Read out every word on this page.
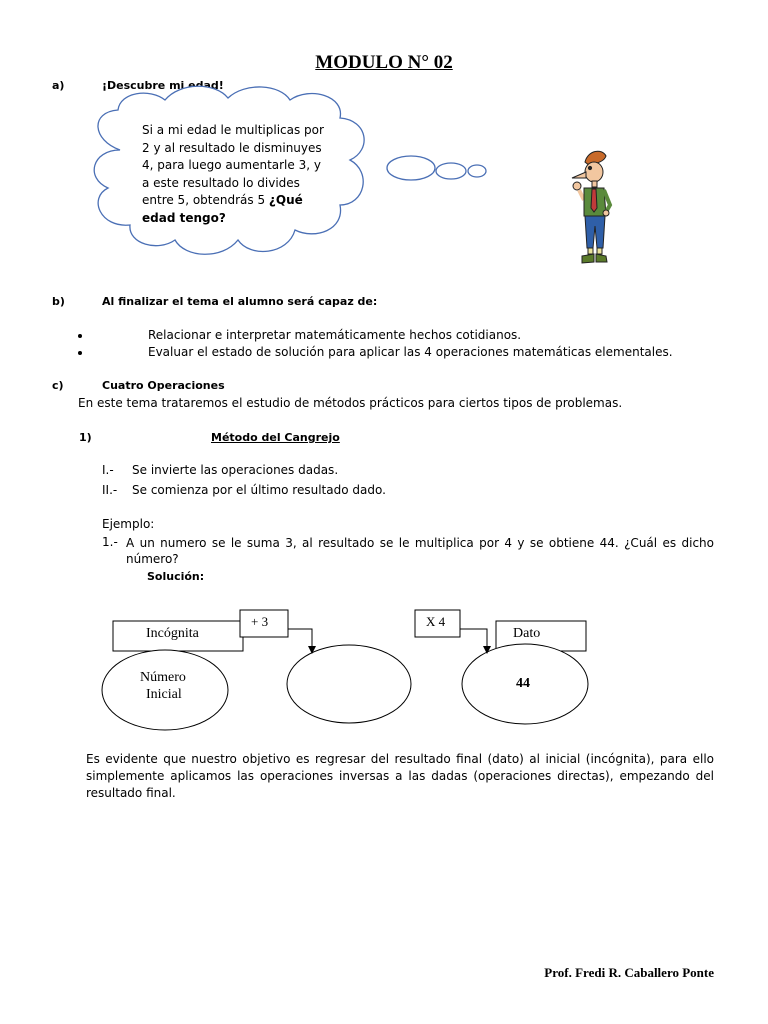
MODULO N° 02
a)	¡Descubre mi edad!
Si a mi edad le multiplicas por
2 y al resultado le disminuyes
4, para luego aumentarle 3, y
a este resultado lo divides
entre 5, obtendrás 5 ¿Qué
edad tengo?
b)	Al finalizar el tema el alumno será capaz de:
Relacionar e interpretar matemáticamente hechos cotidianos.
Evaluar el estado de solución para aplicar las 4 operaciones matemáticas elementales.
c)	Cuatro Operaciones
En este tema trataremos el estudio de métodos prácticos para ciertos tipos de problemas.
1)	Método del Cangrejo
I.- Se invierte las operaciones dadas.
II.- Se comienza por el último resultado dado.
Ejemplo:
1.- A un numero se le suma 3, al resultado se le multiplica por 4 y se obtiene 44. ¿Cuál es dicho
número?
Solución:
Incógnita
+ 3	X 4
Dato
Número
Inicial
44
Es evidente que nuestro objetivo es regresar del resultado final (dato) al inicial (incógnita), para ello
simplemente aplicamos las operaciones inversas a las dadas (operaciones directas), empezando del
resultado final.
Prof. Fredi R. Caballero Ponte
